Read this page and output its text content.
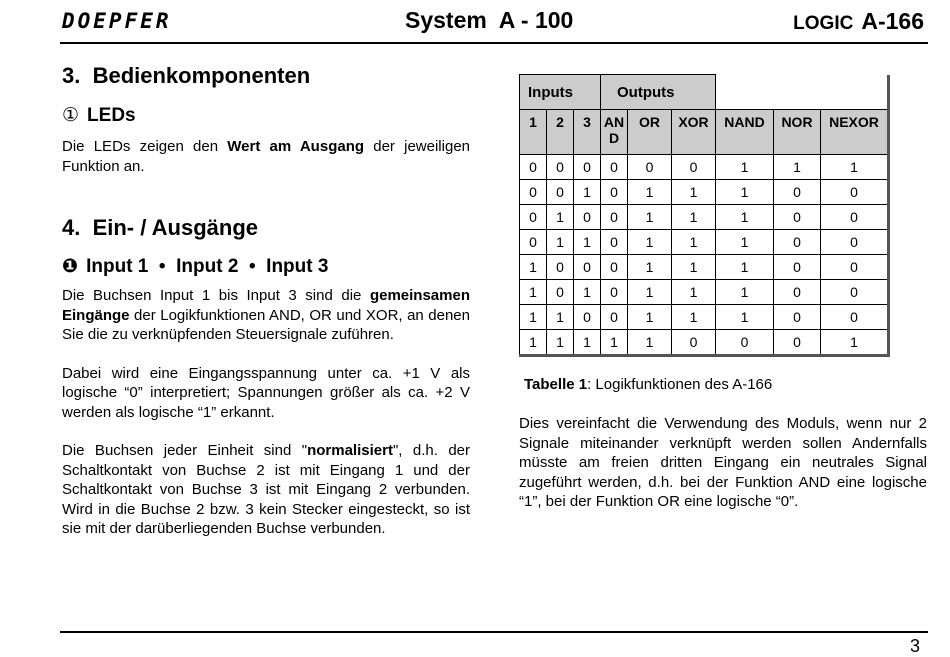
DOEPFER	System  A - 100	LOGIC A-166
3.  Bedienkomponenten
① LEDs

Die LEDs zeigen den Wert am Ausgang der jeweiligen Funktion an.

4.  Ein- / Ausgänge
❶ Input 1  •  Input 2  •  Input 3

Die Buchsen Input 1 bis Input 3 sind die gemeinsamen Eingänge der Logikfunktionen AND, OR und XOR, an denen Sie die zu verknüpfenden Steuersignale zuführen.

Dabei wird eine Eingangsspannung unter ca. +1 V als logische “0” interpretiert; Spannungen größer als ca. +2 V werden als logische “1” erkannt.

Die Buchsen jeder Einheit sind "normalisiert", d.h. der Schaltkontakt von Buchse 2 ist mit Eingang 1 und der Schaltkontakt von Buchse 3 ist mit Eingang 2 verbunden. Wird in die Buchse 2 bzw. 3 kein Stecker eingesteckt, so ist sie mit der darüberliegenden Buchse verbunden.

Inputs			Outputs					
1	2	3	AN D	OR	XOR	NAND	NOR	NEXOR
0	0	0	0	0	0	1	1	1
0	0	1	0	1	1	1	0	0
0	1	0	0	1	1	1	0	0
0	1	1	0	1	1	1	0	0
1	0	0	0	1	1	1	0	0
1	0	1	0	1	1	1	0	0
1	1	0	0	1	1	1	0	0
1	1	1	1	1	0	0	0	1
Tabelle 1: Logikfunktionen des A-166

Dies vereinfacht die Verwendung des Moduls, wenn nur 2 Signale miteinander verknüpft werden sollen Andernfalls müsste am freien dritten Eingang ein neutrales Signal zugeführt werden, d.h. bei der Funktion AND eine logische “1”, bei der Funktion OR eine logische “0”.

3
